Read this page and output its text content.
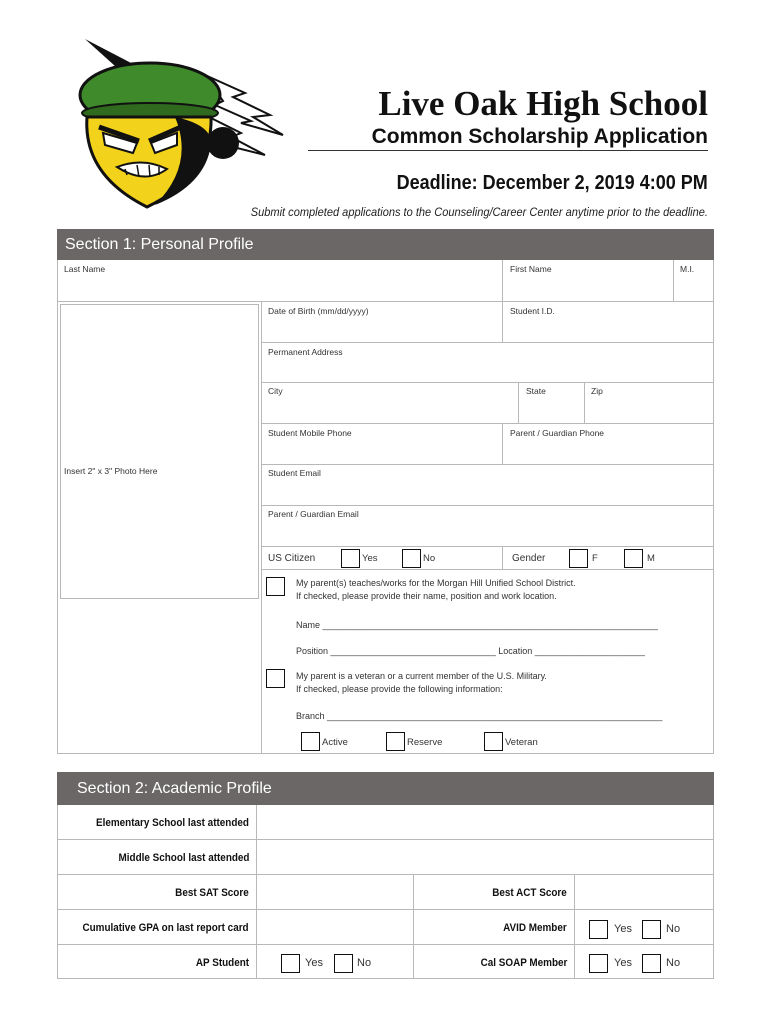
Live Oak High School
Common Scholarship Application
Deadline: December 2, 2019 4:00 PM
Submit completed applications to the Counseling/Career Center anytime prior to the deadline.
Section 1: Personal Profile
Last Name	First Name	M.I.
Insert 2" x 3" Photo Here
Date of Birth (mm/dd/yyyy)	Student I.D.
Permanent Address
City	State	Zip
Student Mobile Phone	Parent / Guardian Phone
Student Email
Parent / Guardian Email
US Citizen	Yes	No	Gender	F	M
My parent(s) teaches/works for the Morgan Hill Unified School District.
If checked, please provide their name, position and work location.
Name ___________________________________________________________________
Position _________________________________ Location ______________________
My parent is a veteran or a current member of the U.S. Military.
If checked, please provide the following information:
Branch ___________________________________________________________________
Active	Reserve	Veteran
Section 2: Academic Profile
Elementary School last attended
Middle School last attended
Best SAT Score	Best ACT Score
Cumulative GPA on last report card	AVID Member	Yes	No
AP Student	Yes	No	Cal SOAP Member	Yes	No
